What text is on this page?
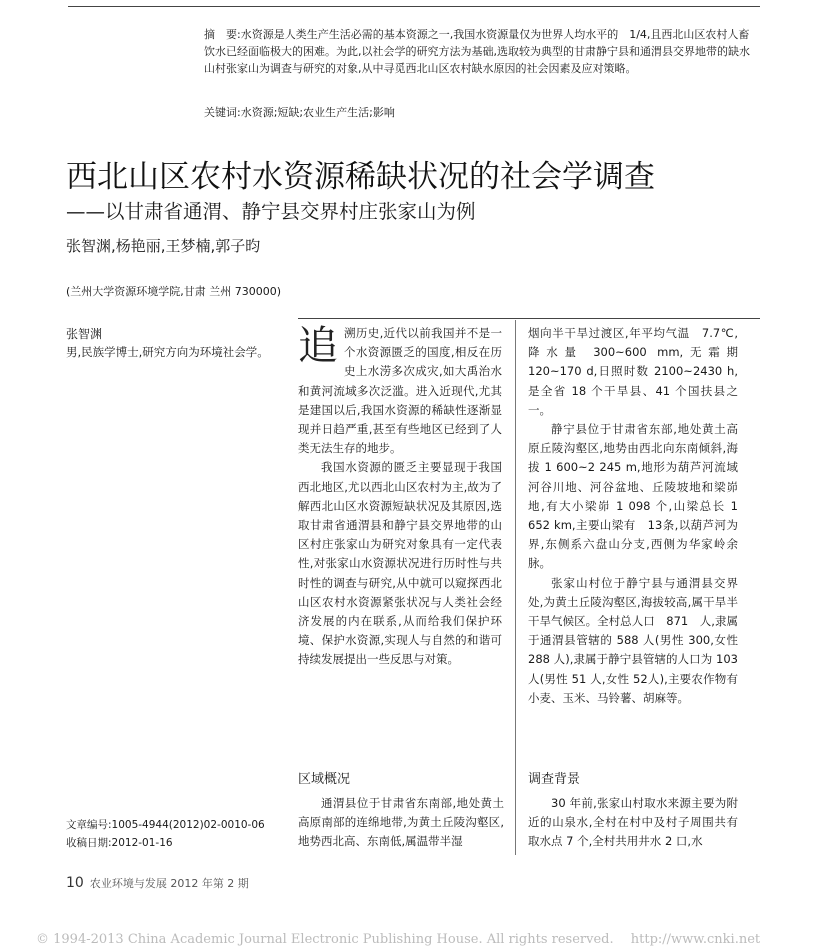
摘　要:水资源是人类生产生活必需的基本资源之一,我国水资源量仅为世界人均水平的　1/4,且西北山区农村人畜饮水已经面临极大的困难。为此,以社会学的研究方法为基础,选取较为典型的甘肃静宁县和通渭县交界地带的缺水山村张家山为调查与研究的对象,从中寻觅西北山区农村缺水原因的社会因素及应对策略。
关键词:水资源;短缺;农业生产生活;影响
西北山区农村水资源稀缺状况的社会学调查
——以甘肃省通渭、静宁县交界村庄张家山为例
张智渊,杨艳丽,王梦楠,郭子昀
(兰州大学资源环境学院,甘肃 兰州 730000)
张智渊
男,民族学博士,研究方向为环境社会学。 追溯历史,近代以前我国并不是一个水资源匮乏的国度,相反在历史上水涝多次成灾,如大禹治水和黄河流域多次泛滥。进入近现代,尤其是建国以后,我国水资源的稀缺性逐渐显现并日趋严重,甚至有些地区已经到了人类无法生存的地步。

我国水资源的匮乏主要显现于我国西北地区,尤以西北山区农村为主,故为了解西北山区水资源短缺状况及其原因,选取甘肃省通渭县和静宁县交界地带的山区村庄张家山为研究对象具有一定代表性,对张家山水资源状况进行历时性与共时性的调查与研究,从中就可以窥探西北山区农村水资源紧张状况与人类社会经济发展的内在联系,从而给我们保护环境、保护水资源,实现人与自然的和谐可持续发展提出一些反思与对策。

烟向半干旱过渡区,年平均气温　7.7℃,降水量 300~600 mm,无霜期 120~170 d,日照时数 2100~2430 h,是全省 18 个干旱县、41 个国扶县之一。

静宁县位于甘肃省东部,地处黄土高原丘陵沟壑区,地势由西北向东南倾斜,海拔 1 600~2 245 m,地形为葫芦河流域河谷川地、河谷盆地、丘陵坡地和梁峁地,有大小梁峁 1 098 个,山梁总长 1 652 km,主要山梁有　13条,以葫芦河为界,东侧系六盘山分支,西侧为华家岭余脉。

张家山村位于静宁县与通渭县交界处,为黄土丘陵沟壑区,海拔较高,属干旱半干旱气候区。全村总人口　871　人,隶属于通渭县管辖的 588 人(男性 300,女性 288 人),隶属于静宁县管辖的人口为 103 人(男性 51 人,女性 52人),主要农作物有小麦、玉米、马铃薯、胡麻等。

区域概况

通渭县位于甘肃省东南部,地处黄土高原南部的连绵地带,为黄土丘陵沟壑区,地势西北高、东南低,属温带半湿

调查背景

30 年前,张家山村取水来源主要为附近的山泉水,全村在村中及村子周围共有取水点 7 个,全村共用井水 2 口,水

文章编号:1005-4944(2012)02-0010-06
收稿日期:2012-01-16
10 农业环境与发展 2012 年第 2 期
© 1994-2013 China Academic Journal Electronic Publishing House. All rights reserved.　 http://www.cnki.net
